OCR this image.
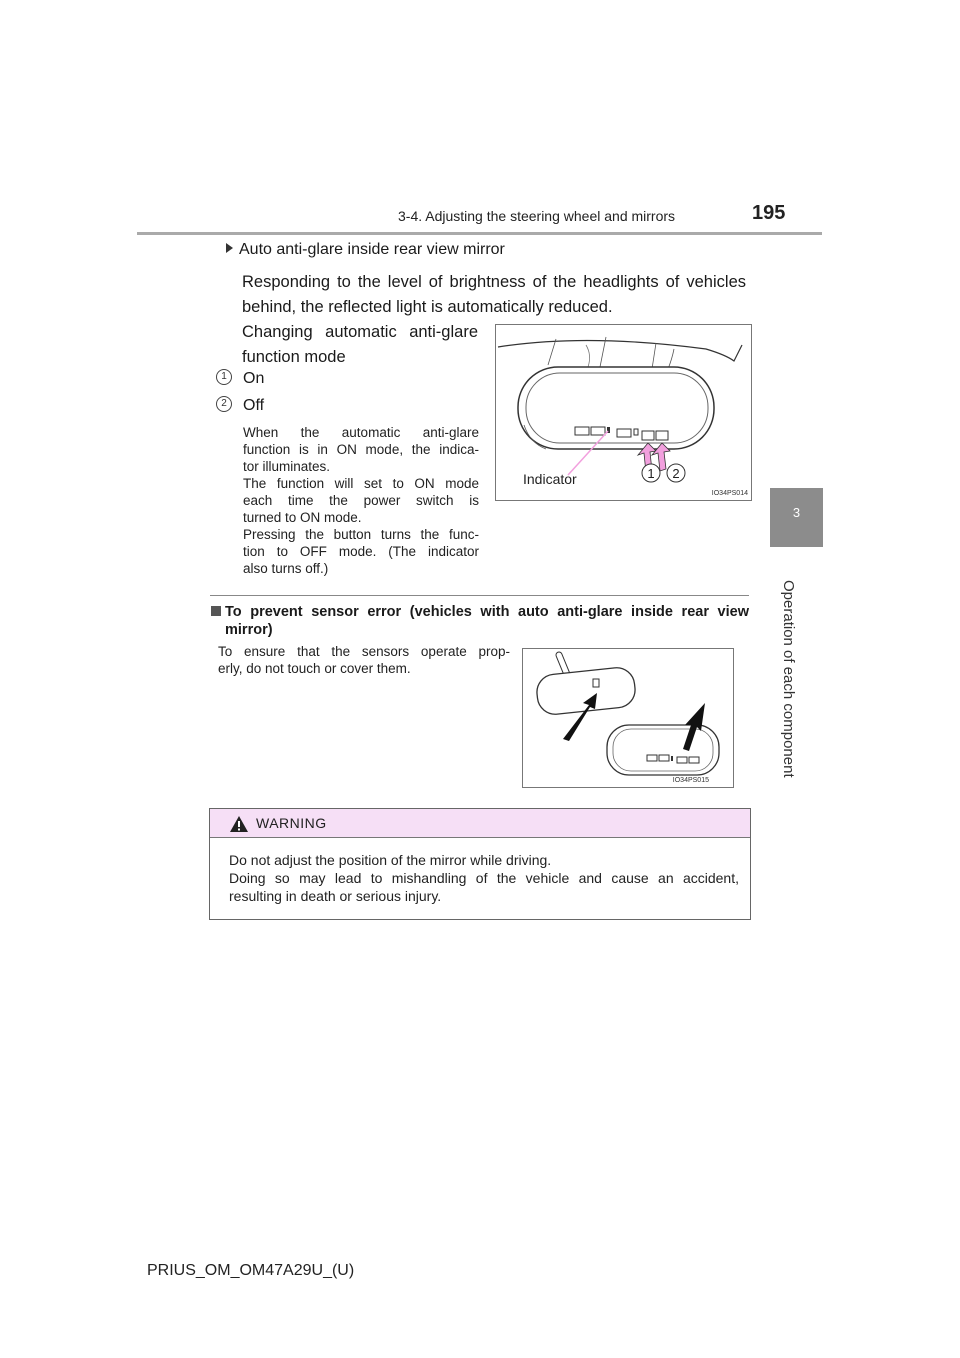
3-4. Adjusting the steering wheel and mirrors	195
3
Operation of each component
Auto anti-glare inside rear view mirror
Responding to the level of brightness of the headlights of vehicles
behind, the reflected light is automatically reduced.
Changing automatic anti-glare
function mode
1	On
2	Off

When the automatic anti-glare

function is in ON mode, the indica-

tor illuminates.

The function will set to ON mode

each time the power switch is

turned to ON mode.

Pressing the button turns the func-

tion to OFF mode. (The indicator

also turns off.)

1 2
Indicator
IO34PS014
To prevent sensor error (vehicles with auto anti-glare inside rear view
mirror)
To ensure that the sensors operate prop-
erly, do not touch or cover them.
IO34PS015
WARNING
Do not adjust the position of the mirror while driving.
Doing so may lead to mishandling of the vehicle and cause an accident,
resulting in death or serious injury.
PRIUS_OM_OM47A29U_(U)
